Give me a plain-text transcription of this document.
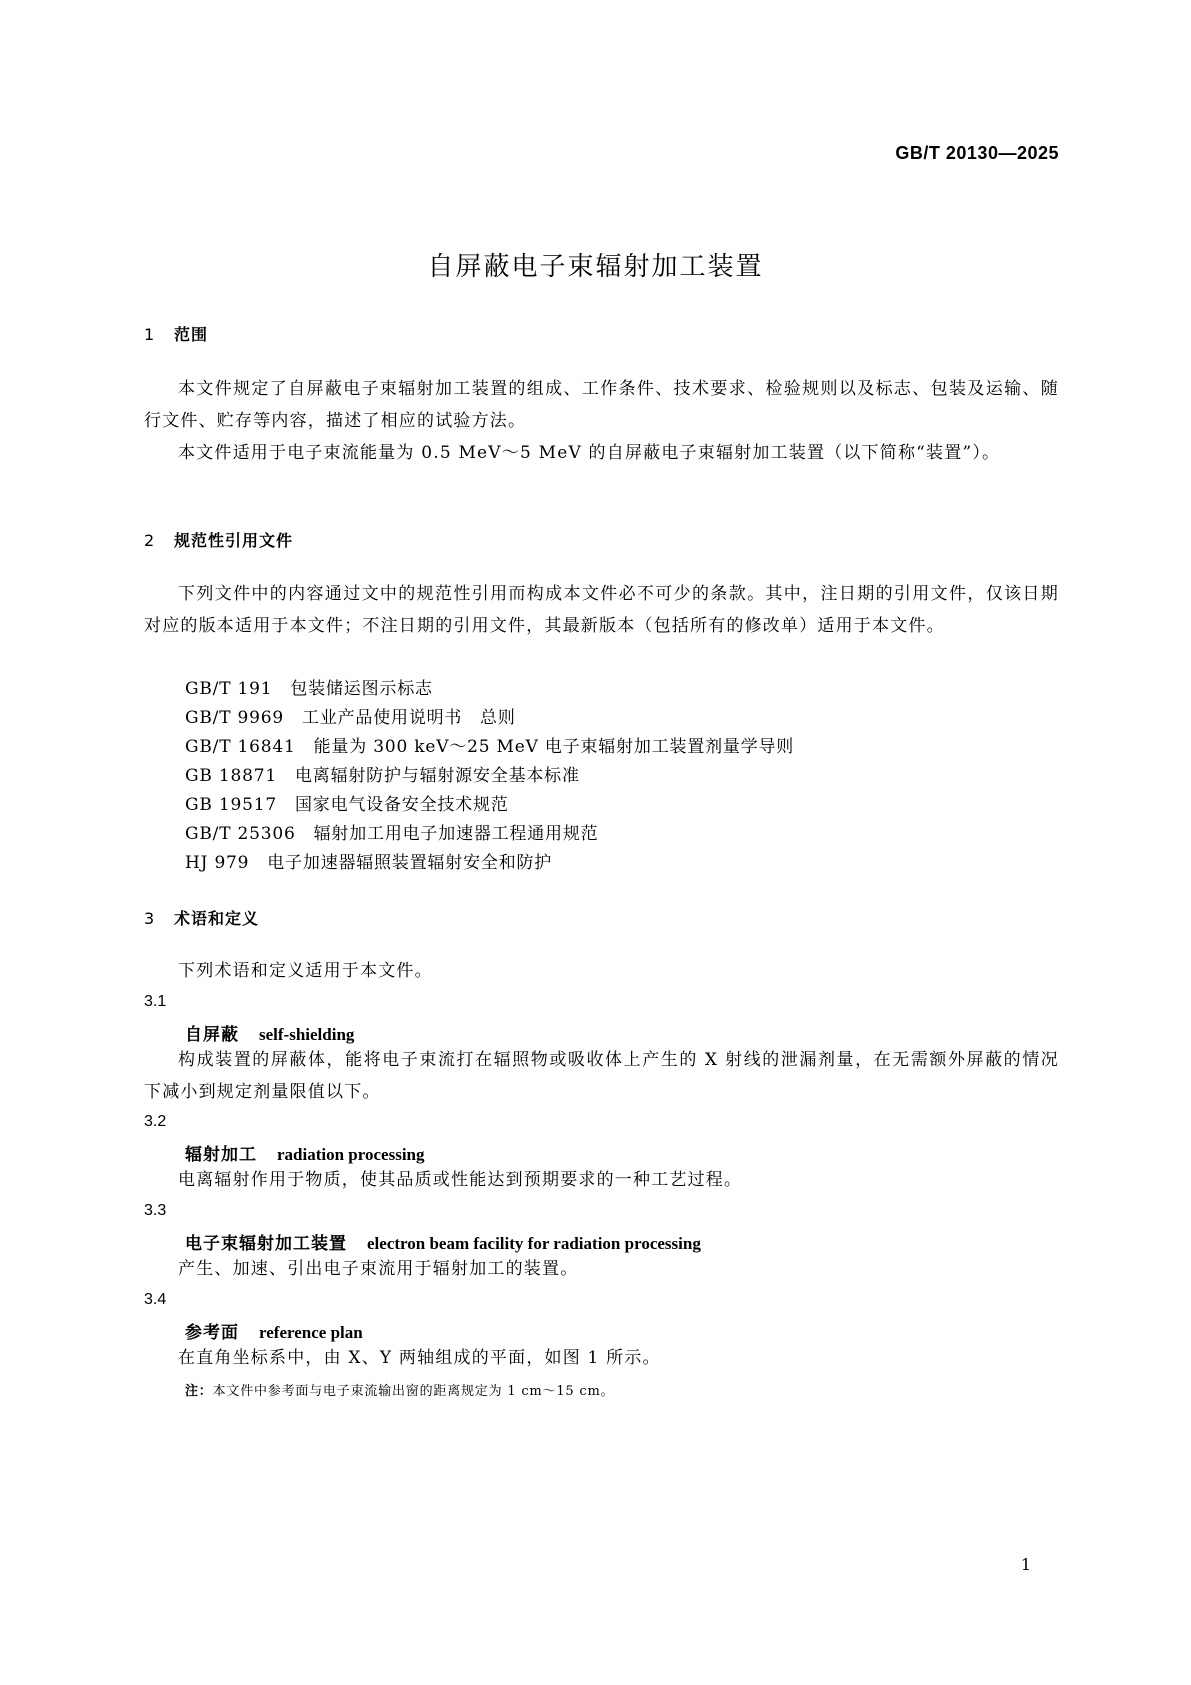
GB/T 20130—2025
自屏蔽电子束辐射加工装置
1 范围
本文件规定了自屏蔽电子束辐射加工装置的组成、工作条件、技术要求、检验规则以及标志、包装及运输、随行文件、贮存等内容，描述了相应的试验方法。
本文件适用于电子束流能量为 0.5 MeV～5 MeV 的自屏蔽电子束辐射加工装置（以下简称“装置”）。
2 规范性引用文件
下列文件中的内容通过文中的规范性引用而构成本文件必不可少的条款。其中，注日期的引用文件，仅该日期对应的版本适用于本文件；不注日期的引用文件，其最新版本（包括所有的修改单）适用于本文件。
GB/T 191 包装储运图示标志
GB/T 9969 工业产品使用说明书　总则
GB/T 16841 能量为 300 keV～25 MeV 电子束辐射加工装置剂量学导则
GB 18871 电离辐射防护与辐射源安全基本标准
GB 19517 国家电气设备安全技术规范
GB/T 25306 辐射加工用电子加速器工程通用规范
HJ 979 电子加速器辐照装置辐射安全和防护
3 术语和定义
下列术语和定义适用于本文件。
3.1
自屏蔽 self-shielding
构成装置的屏蔽体，能将电子束流打在辐照物或吸收体上产生的 X 射线的泄漏剂量，在无需额外屏蔽的情况下减小到规定剂量限值以下。
3.2
辐射加工 radiation processing
电离辐射作用于物质，使其品质或性能达到预期要求的一种工艺过程。
3.3
电子束辐射加工装置 electron beam facility for radiation processing
产生、加速、引出电子束流用于辐射加工的装置。
3.4
参考面 reference plan
在直角坐标系中，由 X、Y 两轴组成的平面，如图 1 所示。
注：本文件中参考面与电子束流输出窗的距离规定为 1 cm～15 cm。
1
